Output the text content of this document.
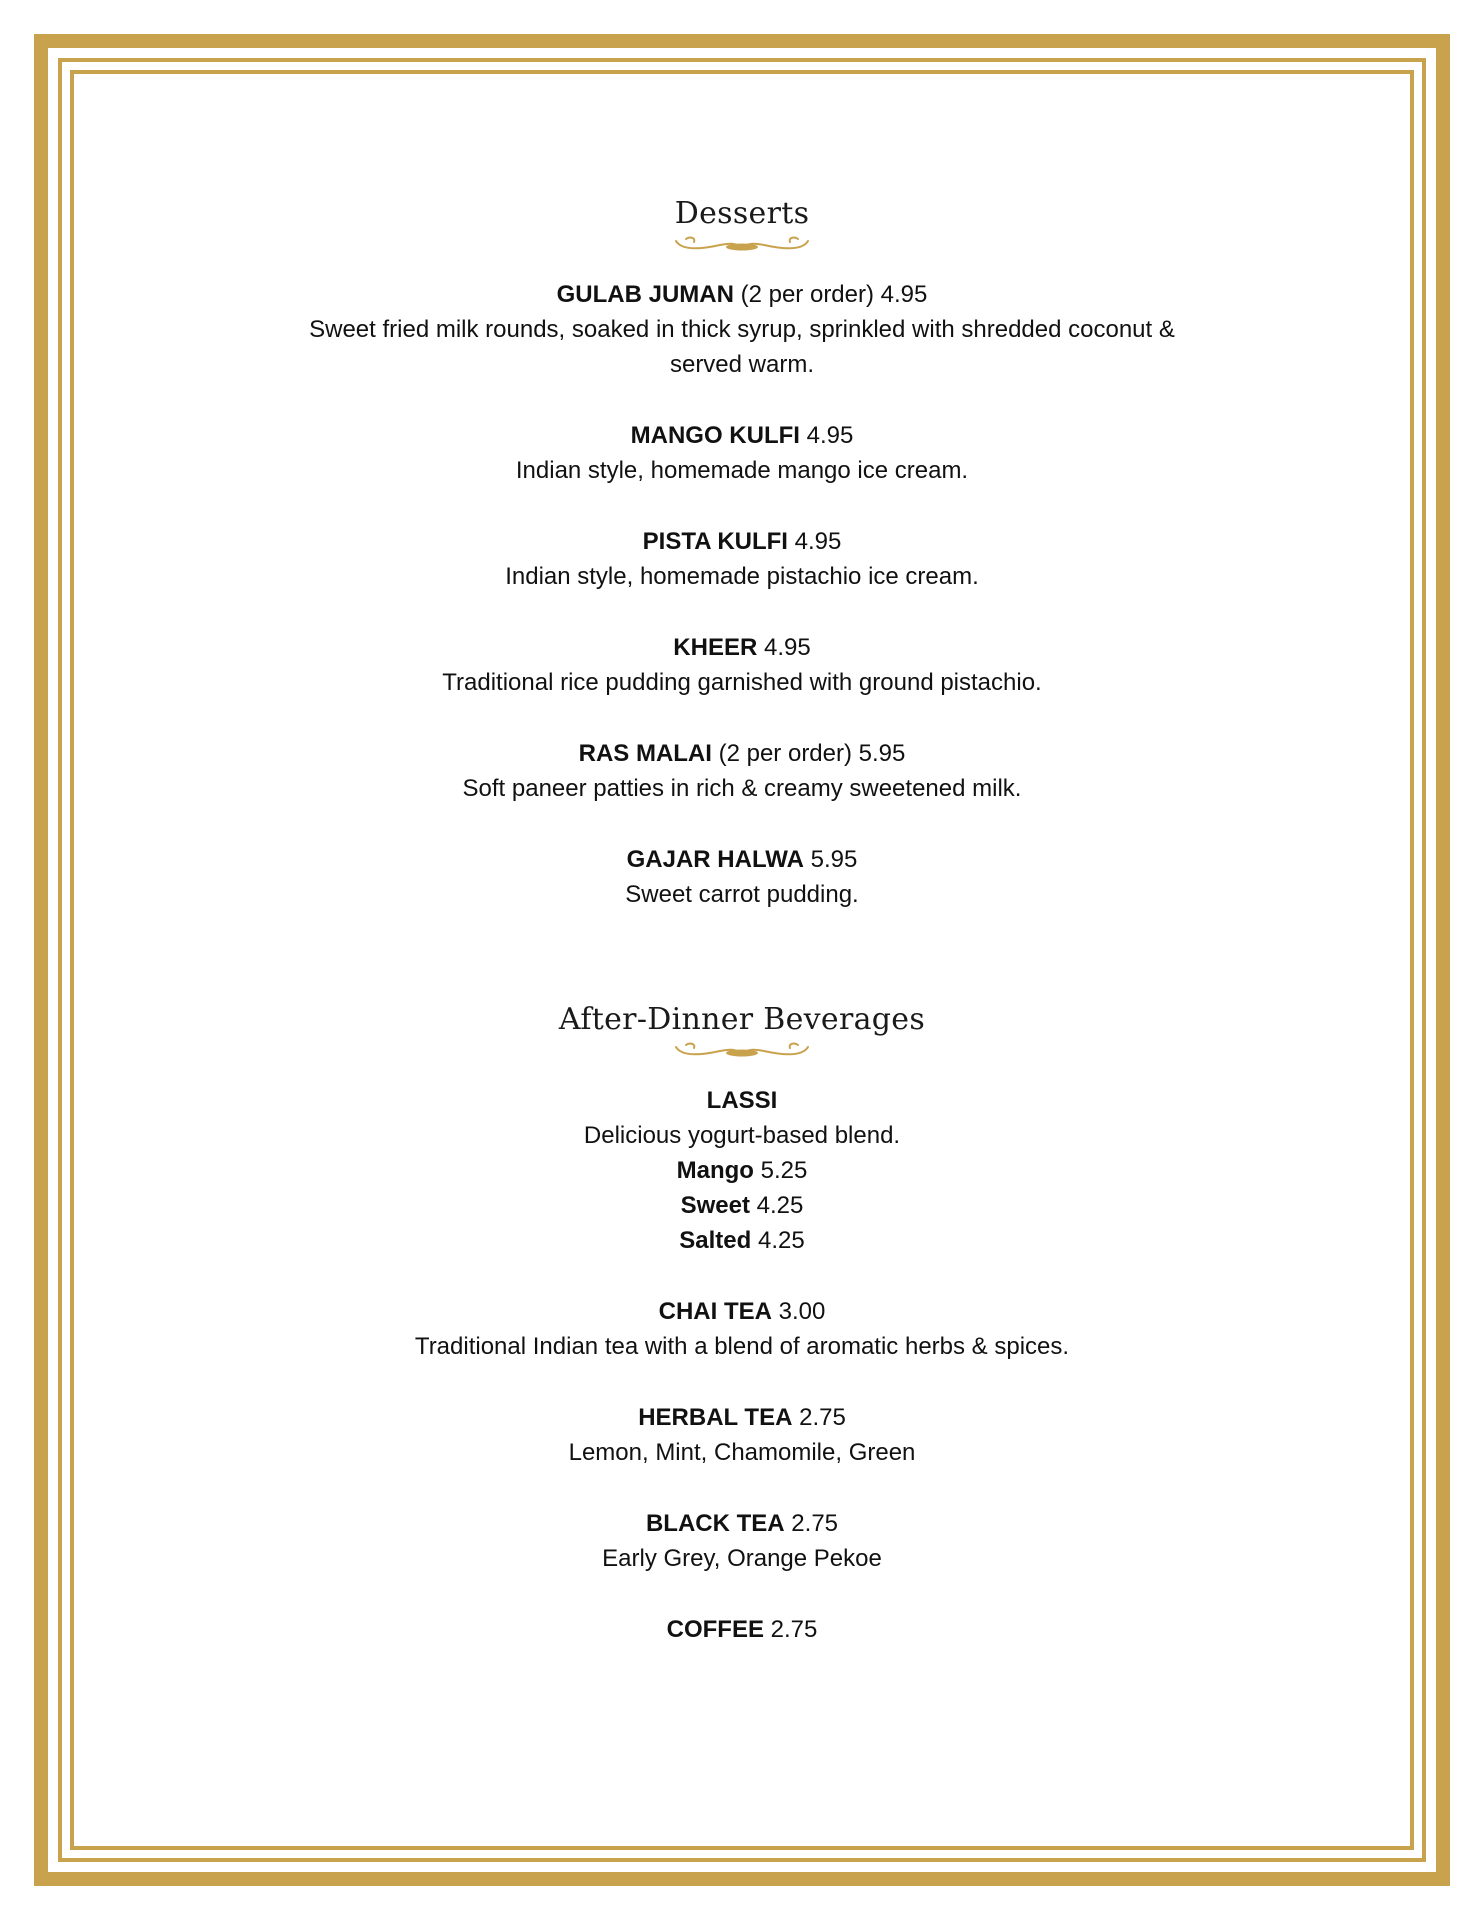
Desserts
GULAB JUMAN (2 per order) 4.95
Sweet fried milk rounds, soaked in thick syrup, sprinkled with shredded coconut &
served warm.
MANGO KULFI 4.95
Indian style, homemade mango ice cream.
PISTA KULFI 4.95
Indian style, homemade pistachio ice cream.
KHEER 4.95
Traditional rice pudding garnished with ground pistachio.
RAS MALAI (2 per order) 5.95
Soft paneer patties in rich & creamy sweetened milk.
GAJAR HALWA 5.95
Sweet carrot pudding.
After-Dinner Beverages
LASSI
Delicious yogurt-based blend.
Mango 5.25
Sweet 4.25
Salted 4.25
CHAI TEA 3.00
Traditional Indian tea with a blend of aromatic herbs & spices.
HERBAL TEA 2.75
Lemon, Mint, Chamomile, Green
BLACK TEA 2.75
Early Grey, Orange Pekoe
COFFEE 2.75
